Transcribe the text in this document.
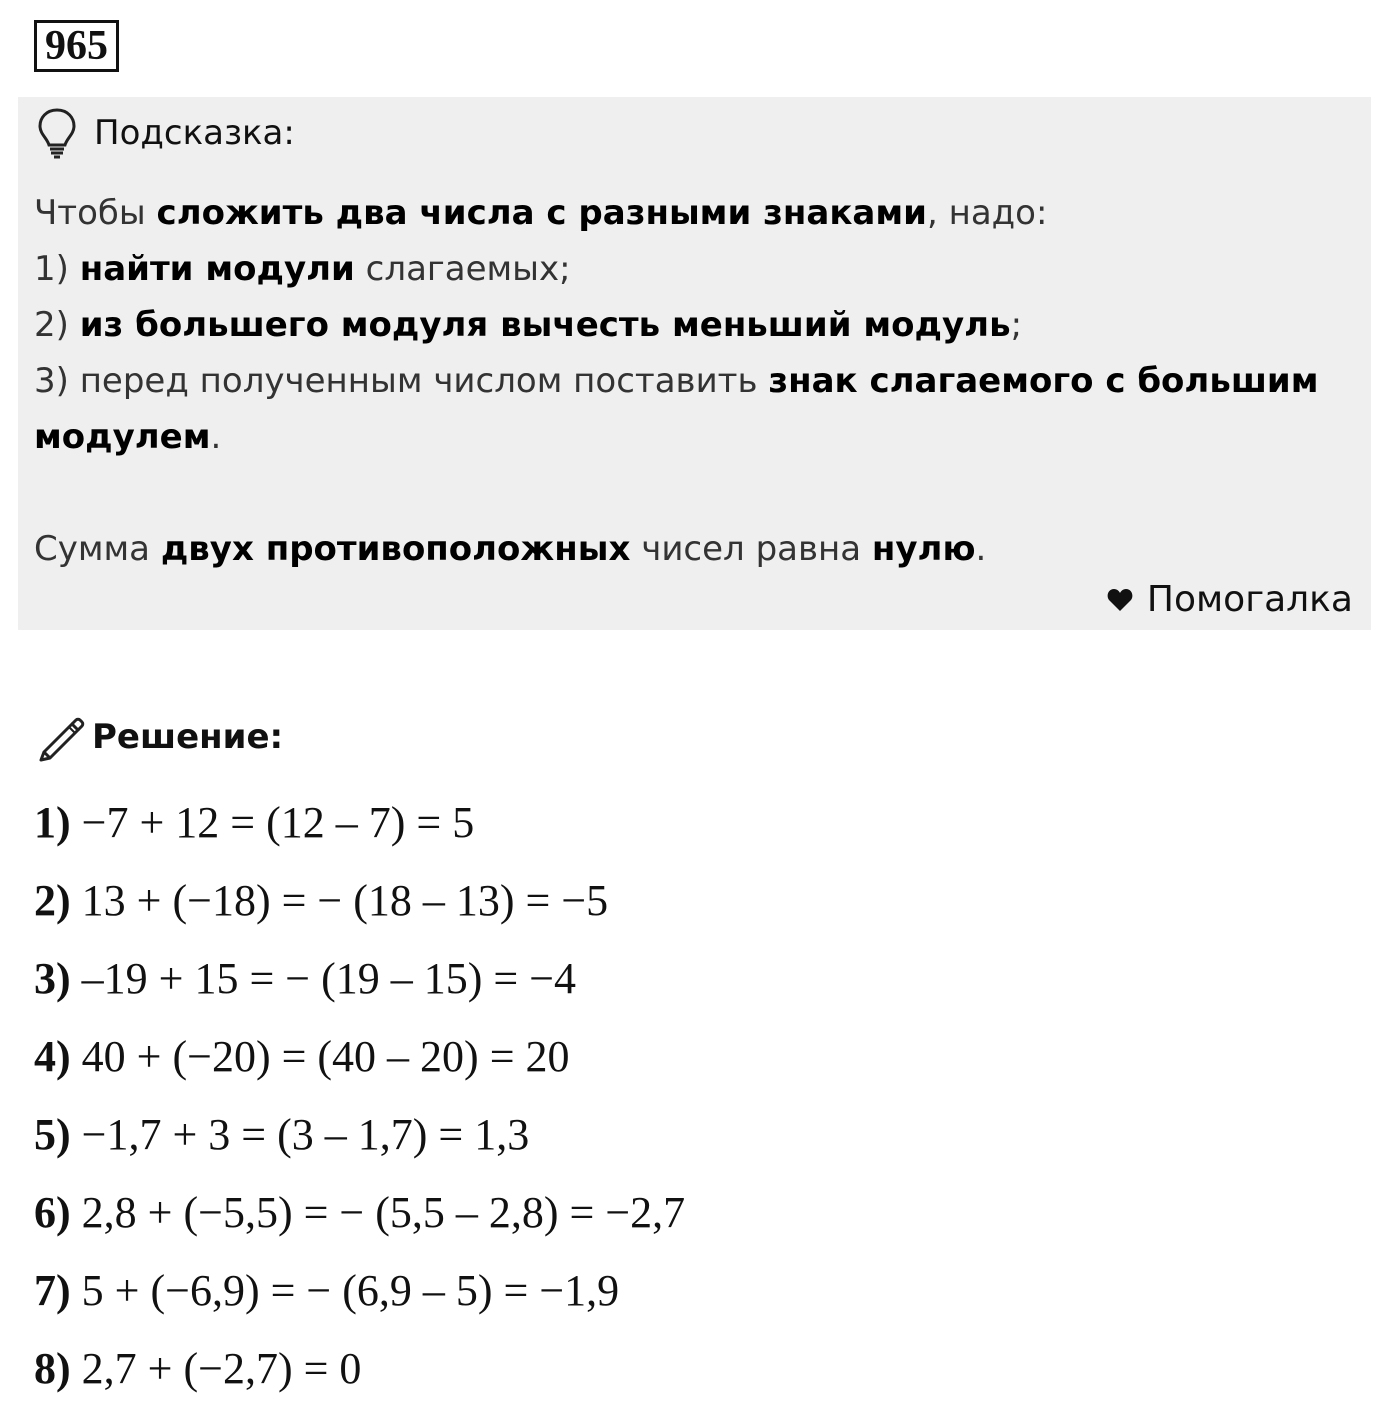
965
Подсказка:

Чтобы сложить два числа с разными знаками, надо:

1) найти модули слагаемых;

2) из большего модуля вычесть меньший модуль;

3) перед полученным числом поставить знак слагаемого с большим модулем.

Сумма двух противоположных чисел равна нулю.

Помогалка
Решение:
1) −7 + 12 = (12 – 7) = 5
2) 13 + (−18) = − (18 – 13) = −5
3) –19 + 15 = − (19 – 15) = −4
4) 40 + (−20) = (40 – 20) = 20
5) −1,7 + 3 = (3 – 1,7) = 1,3
6) 2,8 + (−5,5) = − (5,5 – 2,8) = −2,7
7) 5 + (−6,9) = − (6,9 – 5) = −1,9
8) 2,7 + (−2,7) = 0
